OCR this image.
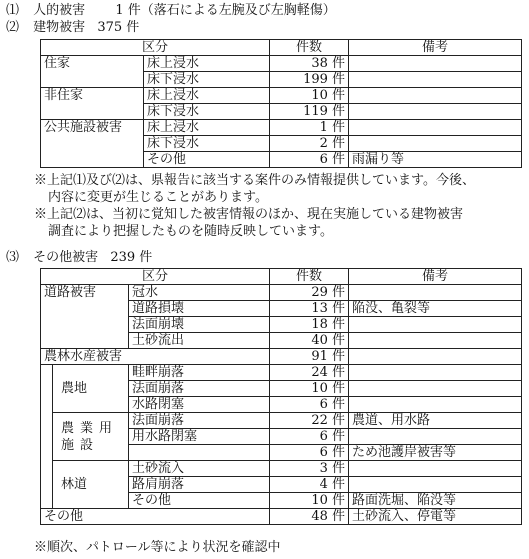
⑴ 人的被害 1 件（落石による左腕及び左胸軽傷）
⑵ 建物被害 375 件
区分		件数	備考
住家	床上浸水	38 件	
	床下浸水	199 件	
非住家	床上浸水	10 件	
	床下浸水	119 件	
公共施設被害	床上浸水	1 件	
	床下浸水	2 件	
	その他	6 件	雨漏り等
※上記⑴及び⑵は、県報告に該当する案件のみ情報提供しています。今後、
内容に変更が生じることがあります。
※上記⑵は、当初に覚知した被害情報のほか、現在実施している建物被害
調査により把握したものを随時反映しています。
⑶ その他被害 239 件
区分			件数	備考
道路被害		冠水	29 件	
		道路損壊	13 件	陥没、亀裂等
		法面崩壊	18 件	
		土砂流出	40 件	
農林水産被害			91 件	
	農地	畦畔崩落	24 件	
		法面崩落	10 件	
		水路閉塞	6 件	
	農業用施設	法面崩落	22 件	農道、用水路
		用水路閉塞	6 件	
			6 件	ため池護岸被害等
	林道	土砂流入	3 件	
		路肩崩落	4 件	
		その他	10 件	路面洗堀、陥没等
その他			48 件	土砂流入、停電等
※順次、パトロール等により状況を確認中
